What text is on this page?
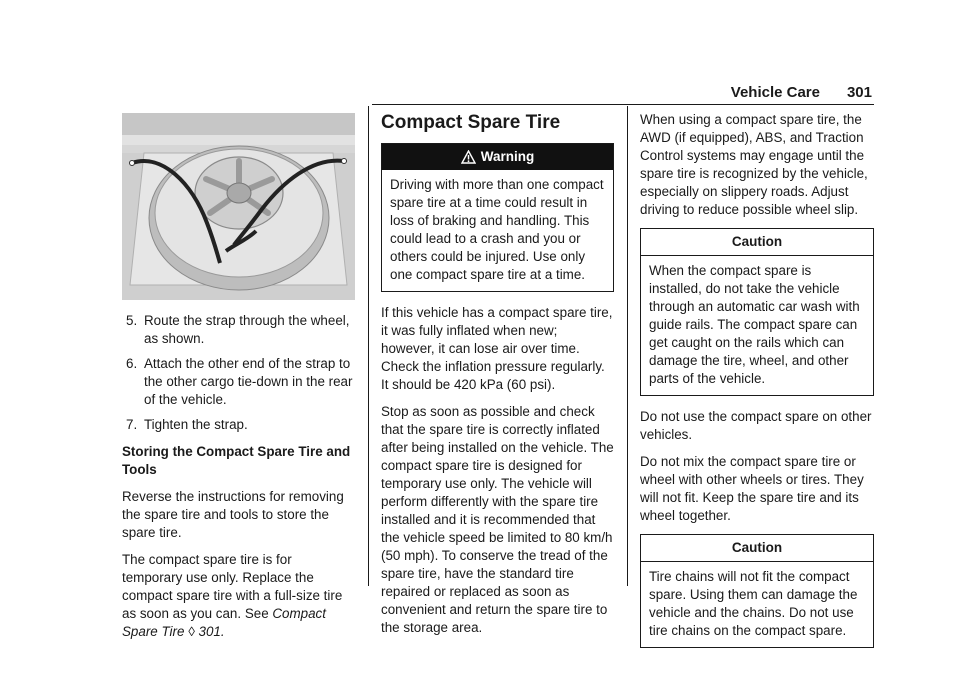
Vehicle Care 301
5. Route the strap through the wheel, as shown.
6. Attach the other end of the strap to the other cargo tie-down in the rear of the vehicle.
7. Tighten the strap.
Storing the Compact Spare Tire and Tools

Reverse the instructions for removing the spare tire and tools to store the spare tire.

The compact spare tire is for temporary use only. Replace the compact spare tire with a full-size tire as soon as you can. See Compact Spare Tire ◊ 301.

Compact Spare Tire
Warning
Driving with more than one compact spare tire at a time could result in loss of braking and handling. This could lead to a crash and you or others could be injured. Use only one compact spare tire at a time.

If this vehicle has a compact spare tire, it was fully inflated when new; however, it can lose air over time. Check the inflation pressure regularly. It should be 420 kPa (60 psi).

Stop as soon as possible and check that the spare tire is correctly inflated after being installed on the vehicle. The compact spare tire is designed for temporary use only. The vehicle will perform differently with the spare tire installed and it is recommended that the vehicle speed be limited to 80 km/h (50 mph). To conserve the tread of the spare tire, have the standard tire repaired or replaced as soon as convenient and return the spare tire to the storage area.

When using a compact spare tire, the AWD (if equipped), ABS, and Traction Control systems may engage until the spare tire is recognized by the vehicle, especially on slippery roads. Adjust driving to reduce possible wheel slip.

Caution
When the compact spare is installed, do not take the vehicle through an automatic car wash with guide rails. The compact spare can get caught on the rails which can damage the tire, wheel, and other parts of the vehicle.

Do not use the compact spare on other vehicles.

Do not mix the compact spare tire or wheel with other wheels or tires. They will not fit. Keep the spare tire and its wheel together.

Caution
Tire chains will not fit the compact spare. Using them can damage the vehicle and the chains. Do not use tire chains on the compact spare.
